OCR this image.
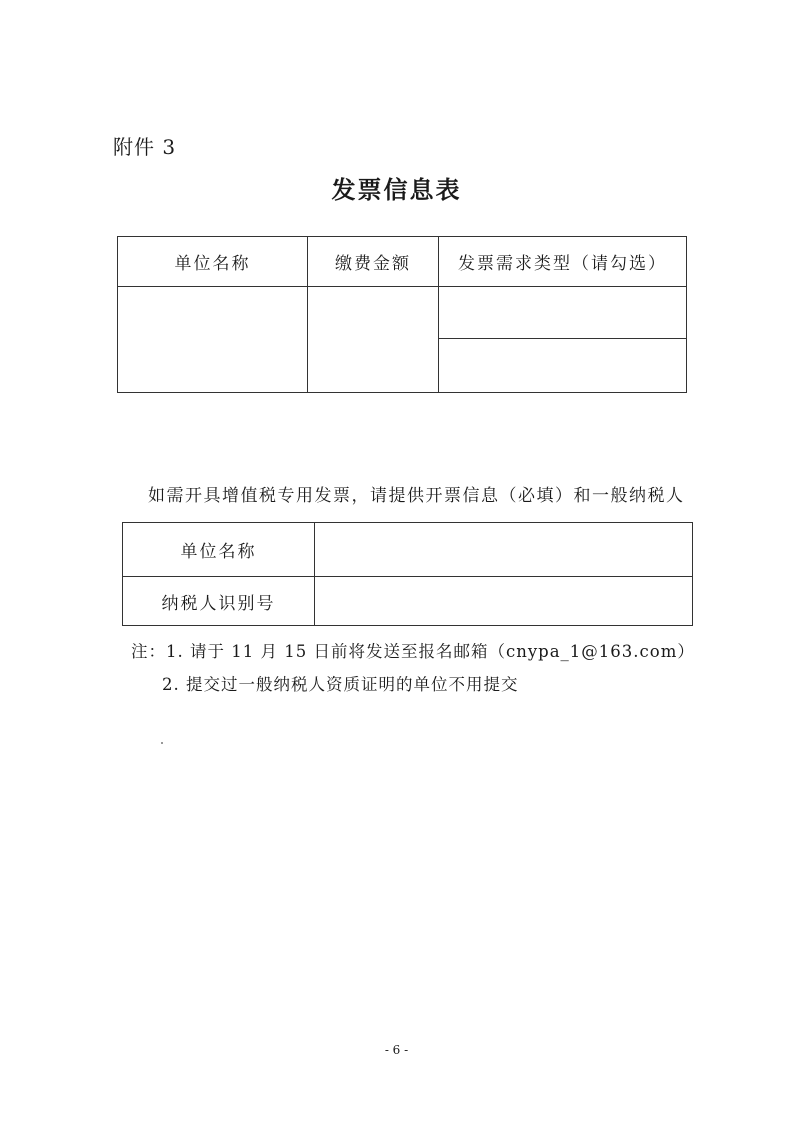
附件 3
发票信息表
单位名称	缴费金额	发票需求类型（请勾选）

如需开具增值税专用发票，请提供开票信息（必填）和一般纳税人
单位名称	
纳税人识别号	
注：1. 请于 11 月 15 日前将发送至报名邮箱（cnypa_1@163.com）
2. 提交过一般纳税人资质证明的单位不用提交
- 6 -
